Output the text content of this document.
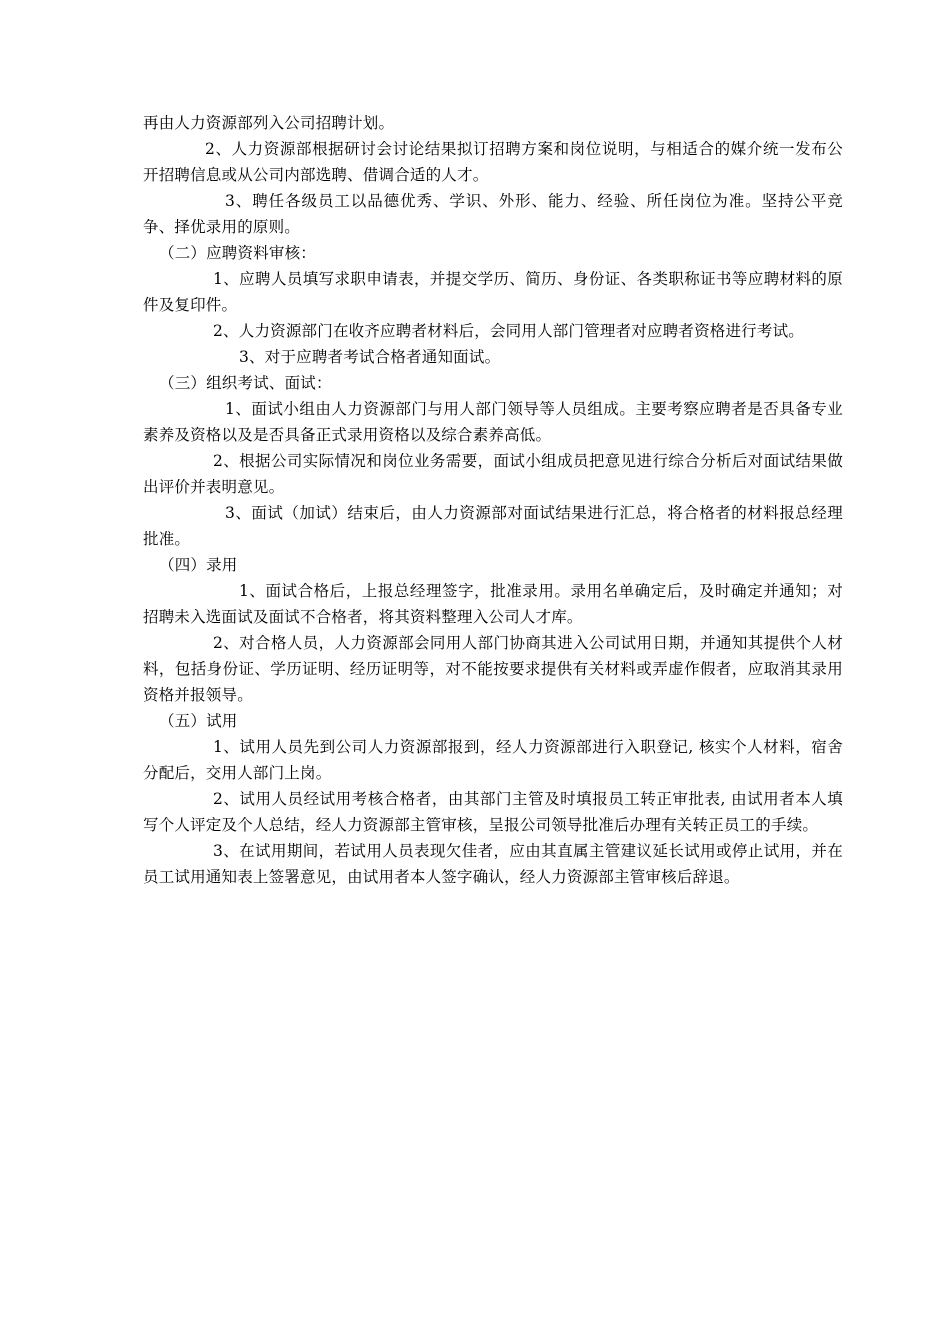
再由人力资源部列入公司招聘计划。

2、人力资源部根据研讨会讨论结果拟订招聘方案和岗位说明，与相适合的媒介统一发布公开招聘信息或从公司内部选聘、借调合适的人才。

3、聘任各级员工以品德优秀、学识、外形、能力、经验、所任岗位为准。坚持公平竞争、择优录用的原则。

（二）应聘资料审核：

1、应聘人员填写求职申请表，并提交学历、简历、身份证、各类职称证书等应聘材料的原件及复印件。

2、人力资源部门在收齐应聘者材料后，会同用人部门管理者对应聘者资格进行考试。

3、对于应聘者考试合格者通知面试。

（三）组织考试、面试：

1、面试小组由人力资源部门与用人部门领导等人员组成。主要考察应聘者是否具备专业素养及资格以及是否具备正式录用资格以及综合素养高低。

2、根据公司实际情况和岗位业务需要，面试小组成员把意见进行综合分析后对面试结果做出评价并表明意见。

3、面试（加试）结束后，由人力资源部对面试结果进行汇总，将合格者的材料报总经理批准。

（四）录用

1、面试合格后，上报总经理签字，批准录用。录用名单确定后，及时确定并通知；对招聘未入选面试及面试不合格者，将其资料整理入公司人才库。

2、对合格人员，人力资源部会同用人部门协商其进入公司试用日期，并通知其提供个人材料，包括身份证、学历证明、经历证明等，对不能按要求提供有关材料或弄虚作假者，应取消其录用资格并报领导。

（五）试用

1、试用人员先到公司人力资源部报到，经人力资源部进行入职登记, 核实个人材料，宿舍分配后，交用人部门上岗。

2、试用人员经试用考核合格者，由其部门主管及时填报员工转正审批表, 由试用者本人填写个人评定及个人总结，经人力资源部主管审核，呈报公司领导批准后办理有关转正员工的手续。

3、在试用期间，若试用人员表现欠佳者，应由其直属主管建议延长试用或停止试用，并在员工试用通知表上签署意见，由试用者本人签字确认，经人力资源部主管审核后辞退。
